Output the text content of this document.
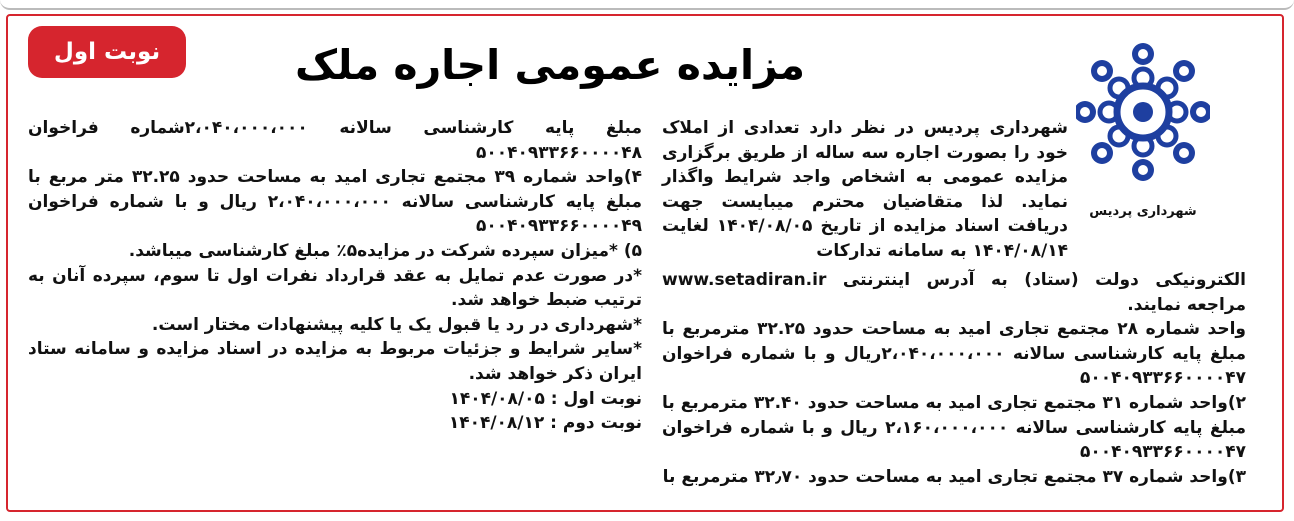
نوبت اول	مزایده عمومی اجاره ملک
شهرداری پردیس

شهرداری پردیس در نظر دارد تعدادی از املاک خود را بصورت اجاره سه ساله از طریق برگزاری مزایده عمومی به اشخاص واجد شرایط واگذار نماید. لذا متقاضیان محترم میبایست جهت دریافت اسناد مزایده از تاریخ ۱۴۰۴/۰۸/۰۵ لغایت ۱۴۰۴/۰۸/۱۴ به سامانه تدارکات

الکترونیکی دولت (ستاد) به آدرس اینترنتی www.setadiran.ir مراجعه نمایند.

واحد شماره ۲۸ مجتمع تجاری امید به مساحت حدود ۳۲.۲۵ مترمربع با مبلغ پایه کارشناسی سالانه ۲،۰۴۰،۰۰۰،۰۰۰ریال و با شماره فراخوان ۵۰۰۴۰۹۳۳۶۶۰۰۰۰۴۷

۲)واحد شماره ۳۱ مجتمع تجاری امید به مساحت حدود ۳۲.۴۰ مترمربع با مبلغ پایه کارشناسی سالانه ۲،۱۶۰،۰۰۰،۰۰۰ ریال و با شماره فراخوان ۵۰۰۴۰۹۳۳۶۶۰۰۰۰۴۷

۳)واحد شماره ۳۷ مجتمع تجاری امید به مساحت حدود ۳۲٫۷۰ مترمربع با

مبلغ پایه کارشناسی سالانه ۲،۰۴۰،۰۰۰،۰۰۰شماره فراخوان ۵۰۰۴۰۹۳۳۶۶۰۰۰۰۴۸

۴)واحد شماره ۳۹ مجتمع تجاری امید به مساحت حدود ۳۲.۲۵ متر مربع با مبلغ پایه کارشناسی سالانه ۲،۰۴۰،۰۰۰،۰۰۰ ریال و با شماره فراخوان ۵۰۰۴۰۹۳۳۶۶۰۰۰۰۴۹

۵) *میزان سپرده شرکت در مزایده۵٪ مبلغ کارشناسی میباشد.

*در صورت عدم تمایل به عقد قرارداد نفرات اول تا سوم، سپرده آنان به ترتیب ضبط خواهد شد.

*شهرداری در رد یا قبول یک یا کلیه پیشنهادات مختار است.

*سایر شرایط و جزئیات مربوط به مزایده در اسناد مزایده و سامانه ستاد ایران ذکر خواهد شد.

نوبت اول : ۱۴۰۴/۰۸/۰۵

نوبت دوم : ۱۴۰۴/۰۸/۱۲
